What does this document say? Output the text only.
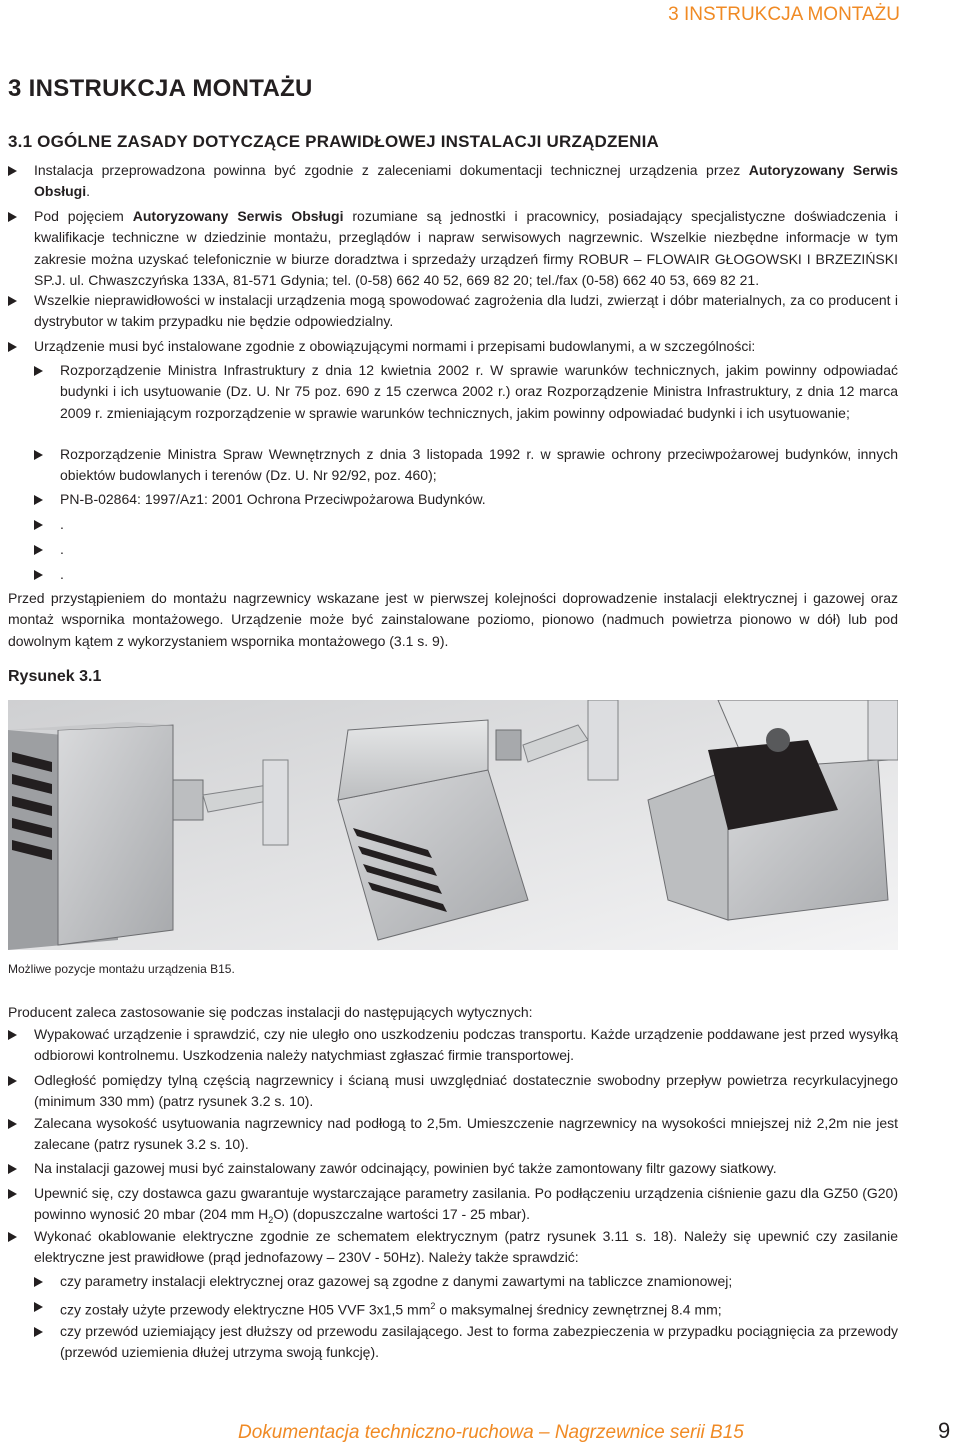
3 INSTRUKCJA MONTAŻU
3 INSTRUKCJA MONTAŻU
3.1 OGÓLNE ZASADY DOTYCZĄCE PRAWIDŁOWEJ INSTALACJI URZĄDZENIA
Instalacja przeprowadzona powinna być zgodnie z zaleceniami dokumentacji technicznej urządzenia przez Autoryzowany Serwis Obsługi.
Pod pojęciem Autoryzowany Serwis Obsługi rozumiane są jednostki i pracownicy, posiadający specjalistyczne doświadczenia i kwalifikacje techniczne w dziedzinie montażu, przeglądów i napraw serwisowych nagrzewnic. Wszelkie niezbędne informacje w tym zakresie można uzyskać telefonicznie w biurze doradztwa i sprzedaży urządzeń firmy ROBUR – FLOWAIR GŁOGOWSKI I BRZEZIŃSKI SP.J. ul. Chwaszczyńska 133A, 81-571 Gdynia; tel. (0-58) 662 40 52, 669 82 20; tel./fax (0-58) 662 40 53, 669 82 21.
Wszelkie nieprawidłowości w instalacji urządzenia mogą spowodować zagrożenia dla ludzi, zwierząt i dóbr materialnych, za co producent i dystrybutor w takim przypadku nie będzie odpowiedzialny.
Urządzenie musi być instalowane zgodnie z obowiązującymi normami i przepisami budowlanymi, a w szczególności:
Rozporządzenie Ministra Infrastruktury z dnia 12 kwietnia 2002 r. W sprawie warunków technicznych, jakim powinny odpowiadać budynki i ich usytuowanie (Dz. U. Nr 75 poz. 690 z 15 czerwca 2002 r.) oraz Rozporządzenie Ministra Infrastruktury, z dnia 12 marca 2009 r. zmieniającym rozporządzenie w sprawie warunków technicznych, jakim powinny odpowiadać budynki i ich usytuowanie;
Rozporządzenie Ministra Spraw Wewnętrznych z dnia 3 listopada 1992 r. w sprawie ochrony przeciwpożarowej budynków, innych obiektów budowlanych i terenów (Dz. U. Nr 92/92, poz. 460);
PN-B-02864: 1997/Az1: 2001 Ochrona Przeciwpożarowa Budynków.
.
.
.
Przed przystąpieniem do montażu nagrzewnicy wskazane jest w pierwszej kolejności doprowadzenie instalacji elektrycznej i gazowej oraz montaż wspornika montażowego. Urządzenie może być zainstalowane poziomo, pionowo (nadmuch powietrza pionowo w dół) lub pod dowolnym kątem z wykorzystaniem wspornika montażowego (3.1 s. 9).
Rysunek 3.1
Możliwe pozycje montażu urządzenia B15.
Producent zaleca zastosowanie się podczas instalacji do następujących wytycznych:
Wypakować urządzenie i sprawdzić, czy nie uległo ono uszkodzeniu podczas transportu. Każde urządzenie poddawane jest przed wysyłką odbiorowi kontrolnemu. Uszkodzenia należy natychmiast zgłaszać firmie transportowej.
Odległość pomiędzy tylną częścią nagrzewnicy i ścianą musi uwzględniać dostatecznie swobodny przepływ powietrza recyrkulacyjnego (minimum 330 mm) (patrz rysunek 3.2 s. 10).
Zalecana wysokość usytuowania nagrzewnicy nad podłogą to 2,5m. Umieszczenie nagrzewnicy na wysokości mniejszej niż 2,2m nie jest zalecane (patrz rysunek 3.2 s. 10).
Na instalacji gazowej musi być zainstalowany zawór odcinający, powinien być także zamontowany filtr gazowy siatkowy.
Upewnić się, czy dostawca gazu gwarantuje wystarczające parametry zasilania. Po podłączeniu urządzenia ciśnienie gazu dla GZ50 (G20) powinno wynosić 20 mbar (204 mm $H_2O$) (dopuszczalne wartości 17 - 25 mbar).
Wykonać okablowanie elektryczne zgodnie ze schematem elektrycznym (patrz rysunek 3.11 s. 18). Należy się upewnić czy zasilanie elektryczne jest prawidłowe (prąd jednofazowy – 230V - 50Hz). Należy także sprawdzić:
czy parametry instalacji elektrycznej oraz gazowej są zgodne z danymi zawartymi na tabliczce znamionowej;
czy zostały użyte przewody elektryczne H05 VVF 3x1,5 $mm^2$ o maksymalnej średnicy zewnętrznej 8.4 mm;
czy przewód uziemiający jest dłuższy od przewodu zasilającego. Jest to forma zabezpieczenia w przypadku pociągnięcia za przewody (przewód uziemienia dłużej utrzyma swoją funkcję).
Dokumentacja techniczno-ruchowa – Nagrzewnice serii B15	9
